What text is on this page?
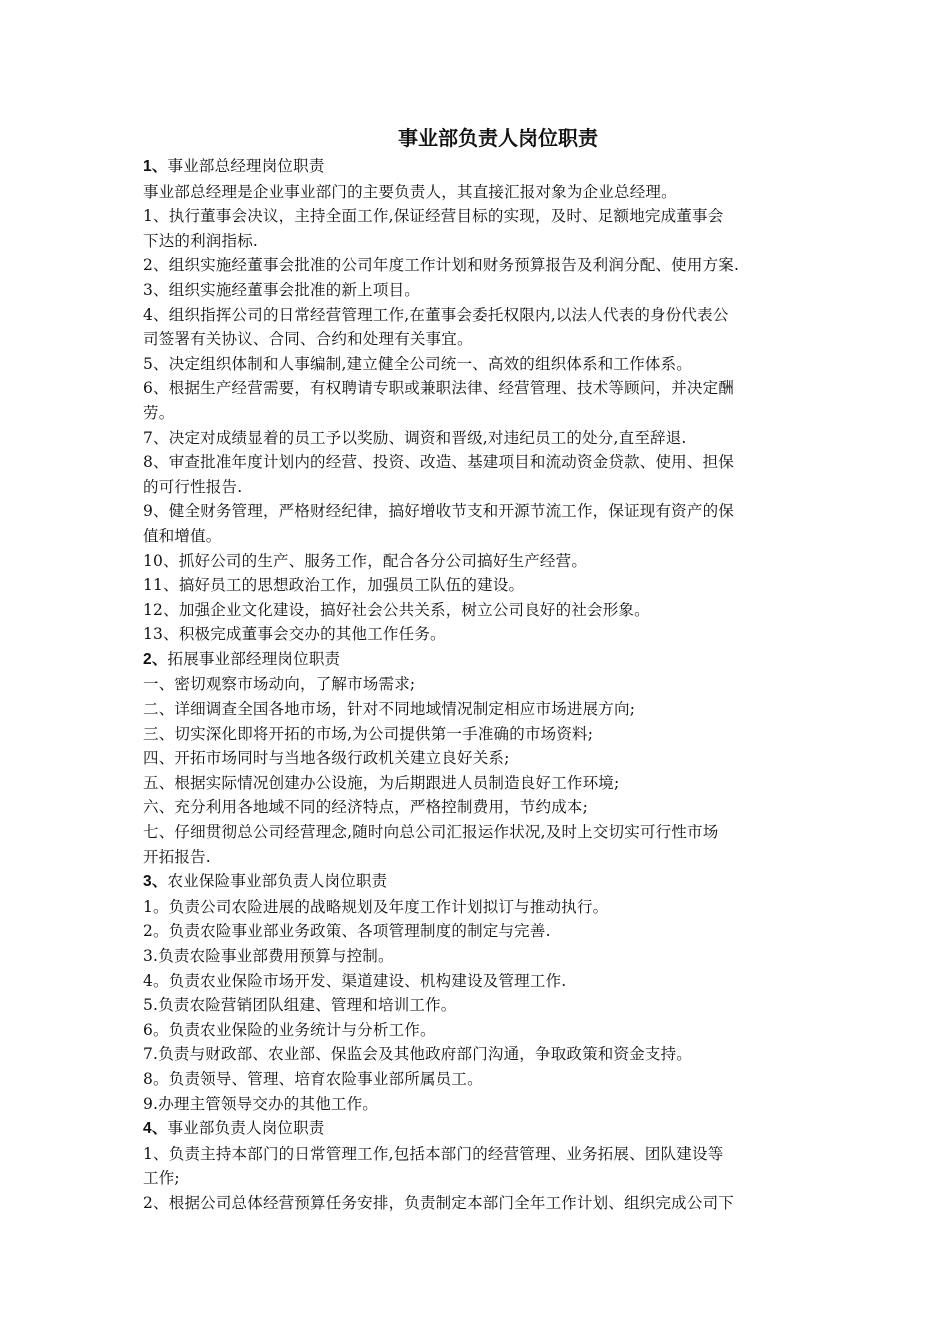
事业部负责人岗位职责
1、事业部总经理岗位职责
事业部总经理是企业事业部门的主要负责人，其直接汇报对象为企业总经理。
1、执行董事会决议，主持全面工作,保证经营目标的实现，及时、足额地完成董事会
下达的利润指标.
2、组织实施经董事会批准的公司年度工作计划和财务预算报告及利润分配、使用方案.
3、组织实施经董事会批准的新上项目。
4、组织指挥公司的日常经营管理工作,在董事会委托权限内,以法人代表的身份代表公
司签署有关协议、合同、合约和处理有关事宜。
5、决定组织体制和人事编制,建立健全公司统一、高效的组织体系和工作体系。
6、根据生产经营需要，有权聘请专职或兼职法律、经营管理、技术等顾问，并决定酬
劳。
7、决定对成绩显着的员工予以奖励、调资和晋级,对违纪员工的处分,直至辞退.
8、审查批准年度计划内的经营、投资、改造、基建项目和流动资金贷款、使用、担保
的可行性报告.
9、健全财务管理，严格财经纪律，搞好增收节支和开源节流工作，保证现有资产的保
值和增值。
10、抓好公司的生产、服务工作，配合各分公司搞好生产经营。
11、搞好员工的思想政治工作，加强员工队伍的建设。
12、加强企业文化建设，搞好社会公共关系，树立公司良好的社会形象。
13、积极完成董事会交办的其他工作任务。
2、拓展事业部经理岗位职责
一、密切观察市场动向，了解市场需求;
二、详细调查全国各地市场，针对不同地域情况制定相应市场进展方向;
三、切实深化即将开拓的市场,为公司提供第一手准确的市场资料;
四、开拓市场同时与当地各级行政机关建立良好关系;
五、根据实际情况创建办公设施，为后期跟进人员制造良好工作环境;
六、充分利用各地域不同的经济特点，严格控制费用，节约成本;
七、仔细贯彻总公司经营理念,随时向总公司汇报运作状况,及时上交切实可行性市场
开拓报告.
3、农业保险事业部负责人岗位职责
1。负责公司农险进展的战略规划及年度工作计划拟订与推动执行。
2。负责农险事业部业务政策、各项管理制度的制定与完善.
3.负责农险事业部费用预算与控制。
4。负责农业保险市场开发、渠道建设、机构建设及管理工作.
5.负责农险营销团队组建、管理和培训工作。
6。负责农业保险的业务统计与分析工作。
7.负责与财政部、农业部、保监会及其他政府部门沟通，争取政策和资金支持。
8。负责领导、管理、培育农险事业部所属员工。
9.办理主管领导交办的其他工作。
4、事业部负责人岗位职责
1、负责主持本部门的日常管理工作,包括本部门的经营管理、业务拓展、团队建设等
工作;
2、根据公司总体经营预算任务安排，负责制定本部门全年工作计划、组织完成公司下
